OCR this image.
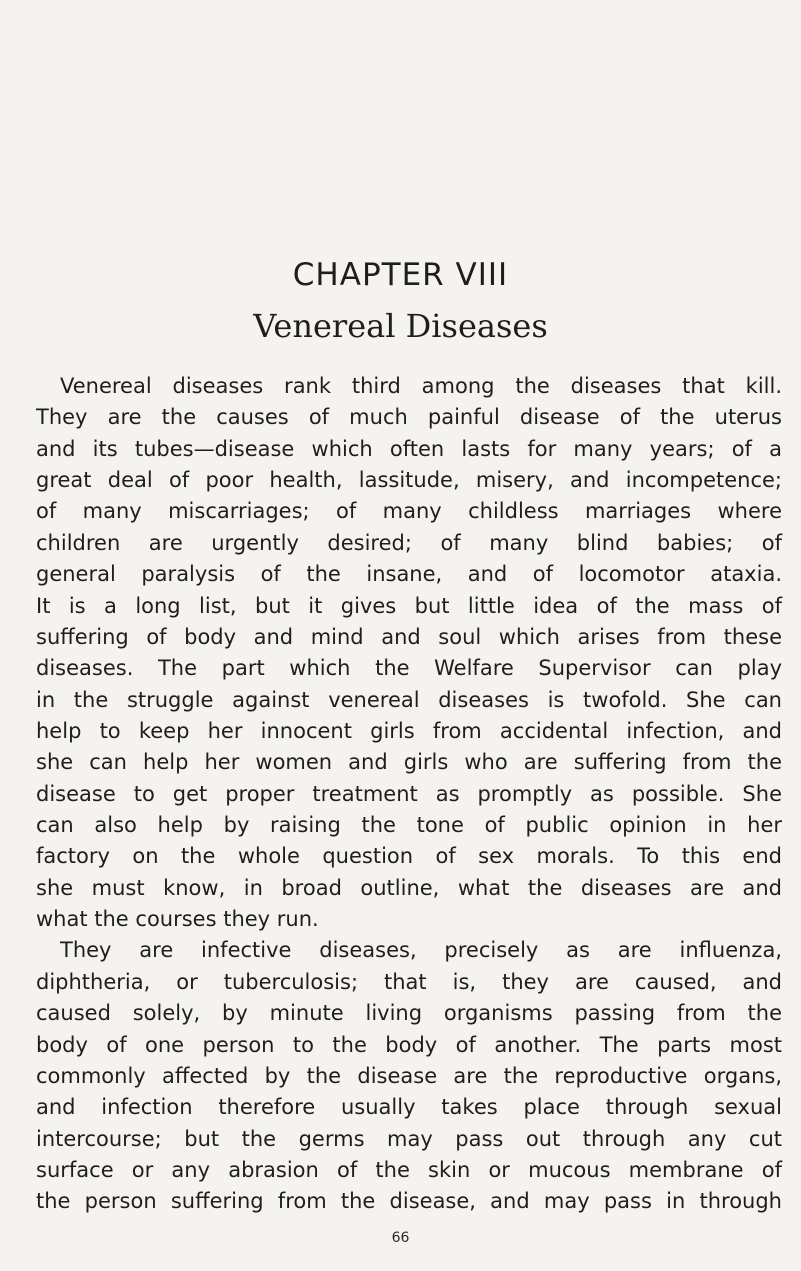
CHAPTER VIII
Venereal Diseases
Venereal diseases rank third among the diseases that kill.
They are the causes of much painful disease of the uterus
and its tubes—disease which often lasts for many years; of a
great deal of poor health, lassitude, misery, and incompetence;
of many miscarriages; of many childless marriages where
children are urgently desired; of many blind babies; of
general paralysis of the insane, and of locomotor ataxia.
It is a long list, but it gives but little idea of the mass of
suffering of body and mind and soul which arises from these
diseases. The part which the Welfare Supervisor can play
in the struggle against venereal diseases is twofold. She can
help to keep her innocent girls from accidental infection, and
she can help her women and girls who are suffering from the
disease to get proper treatment as promptly as possible. She
can also help by raising the tone of public opinion in her
factory on the whole question of sex morals. To this end
she must know, in broad outline, what the diseases are and
what the courses they run.
They are infective diseases, precisely as are influenza,
diphtheria, or tuberculosis; that is, they are caused, and
caused solely, by minute living organisms passing from the
body of one person to the body of another. The parts most
commonly affected by the disease are the reproductive organs,
and infection therefore usually takes place through sexual
intercourse; but the germs may pass out through any cut
surface or any abrasion of the skin or mucous membrane of
the person suffering from the disease, and may pass in through
66
